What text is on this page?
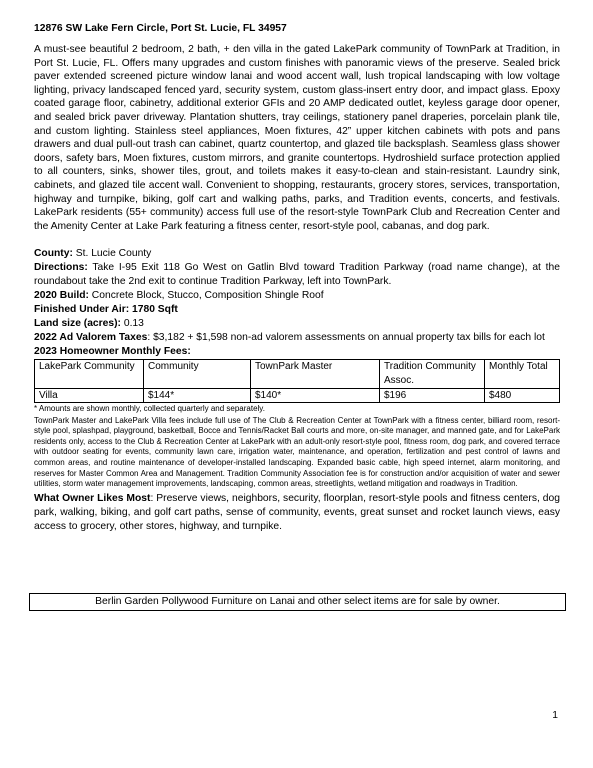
12876 SW Lake Fern Circle, Port St. Lucie, FL 34957

A must-see beautiful 2 bedroom, 2 bath, + den villa in the gated LakePark community of TownPark at Tradition, in Port St. Lucie, FL. Offers many upgrades and custom finishes with panoramic views of the preserve. Sealed brick paver extended screened picture window lanai and wood accent wall, lush tropical landscaping with low voltage lighting, privacy landscaped fenced yard, security system, custom glass-insert entry door, and impact glass. Epoxy coated garage floor, cabinetry, additional exterior GFIs and 20 AMP dedicated outlet, keyless garage door opener, and sealed brick paver driveway. Plantation shutters, tray ceilings, stationery panel draperies, porcelain plank tile, and custom lighting. Stainless steel appliances, Moen fixtures, 42” upper kitchen cabinets with pots and pans drawers and dual pull-out trash can cabinet, quartz countertop, and glazed tile backsplash. Seamless glass shower doors, safety bars, Moen fixtures, custom mirrors, and granite countertops. Hydroshield surface protection applied to all counters, sinks, shower tiles, grout, and toilets makes it easy-to-clean and stain-resistant. Laundry sink, cabinets, and glazed tile accent wall. Convenient to shopping, restaurants, grocery stores, services, transportation, highway and turnpike, biking, golf cart and walking paths, parks, and Tradition events, concerts, and festivals. LakePark residents (55+ community) access full use of the resort-style TownPark Club and Recreation Center and the Amenity Center at Lake Park featuring a fitness center, resort-style pool, cabanas, and dog park.

County: St. Lucie County

Directions: Take I-95 Exit 118 Go West on Gatlin Blvd toward Tradition Parkway (road name change), at the roundabout take the 2nd exit to continue Tradition Parkway, left into TownPark.

2020 Build: Concrete Block, Stucco, Composition Shingle Roof

Finished Under Air: 1780 Sqft

Land size (acres): 0.13

2022 Ad Valorem Taxes: $3,182 + $1,598 non-ad valorem assessments on annual property tax bills for each lot

2023 Homeowner Monthly Fees:

LakePark Community	Community	TownPark Master	Tradition Community Assoc.	Monthly Total
Villa	$144*	$140*	$196	$480

* Amounts are shown monthly, collected quarterly and separately.

TownPark Master and LakePark Villa fees include full use of The Club & Recreation Center at TownPark with a fitness center, billiard room, resort-style pool, splashpad, playground, basketball, Bocce and Tennis/Racket Ball courts and more, on-site manager, and manned gate, and for LakePark residents only, access to the Club & Recreation Center at LakePark with an adult-only resort-style pool, fitness room, dog park, and covered terrace with outdoor seating for events, community lawn care, irrigation water, maintenance, and operation, fertilization and pest control of lawns and common areas, and routine maintenance of developer-installed landscaping. Expanded basic cable, high speed internet, alarm monitoring, and reserves for Master Common Area and Management. Tradition Community Association fee is for construction and/or acquisition of water and sewer utilities, storm water management improvements, landscaping, common areas, streetlights, wetland mitigation and roadways in Tradition.

What Owner Likes Most: Preserve views, neighbors, security, floorplan, resort-style pools and fitness centers, dog park, walking, biking, and golf cart paths, sense of community, events, great sunset and rocket launch views, easy access to grocery, other stores, highway, and turnpike.

Berlin Garden Pollywood Furniture on Lanai and other select items are for sale by owner.
1
